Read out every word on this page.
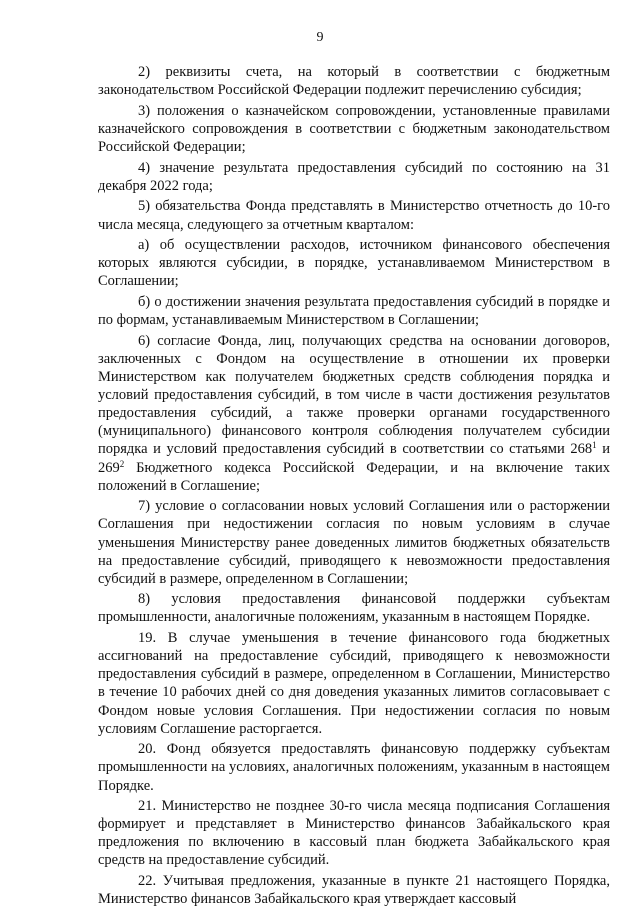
9

2) реквизиты счета, на который в соответствии с бюджетным законодательством Российской Федерации подлежит перечислению субсидия;

3) положения о казначейском сопровождении, установленные правилами казначейского сопровождения в соответствии с бюджетным законодательством Российской Федерации;

4) значение результата предоставления субсидий по состоянию на 31 декабря 2022 года;

5) обязательства Фонда представлять в Министерство отчетность до 10-го числа месяца, следующего за отчетным кварталом:

а) об осуществлении расходов, источником финансового обеспечения которых являются субсидии, в порядке, устанавливаемом Министерством в Соглашении;

б) о достижении значения результата предоставления субсидий в порядке и по формам, устанавливаемым Министерством в Соглашении;

6) согласие Фонда, лиц, получающих средства на основании договоров, заключенных с Фондом на осуществление в отношении их проверки Министерством как получателем бюджетных средств соблюдения порядка и условий предоставления субсидий, в том числе в части достижения результатов предоставления субсидий, а также проверки органами государственного (муниципального) финансового контроля соблюдения получателем субсидии порядка и условий предоставления субсидий в соответствии со статьями $268^1$ и $269^2$ Бюджетного кодекса Российской Федерации, и на включение таких положений в Соглашение;

7) условие о согласовании новых условий Соглашения или о расторжении Соглашения при недостижении согласия по новым условиям в случае уменьшения Министерству ранее доведенных лимитов бюджетных обязательств на предоставление субсидий, приводящего к невозможности предоставления субсидий в размере, определенном в Соглашении;

8) условия предоставления финансовой поддержки субъектам промышленности, аналогичные положениям, указанным в настоящем Порядке.

19. В случае уменьшения в течение финансового года бюджетных ассигнований на предоставление субсидий, приводящего к невозможности предоставления субсидий в размере, определенном в Соглашении, Министерство в течение 10 рабочих дней со дня доведения указанных лимитов согласовывает с Фондом новые условия Соглашения. При недостижении согласия по новым условиям Соглашение расторгается.

20. Фонд обязуется предоставлять финансовую поддержку субъектам промышленности на условиях, аналогичных положениям, указанным в настоящем Порядке.

21. Министерство не позднее 30-го числа месяца подписания Соглашения формирует и представляет в Министерство финансов Забайкальского края предложения по включению в кассовый план бюджета Забайкальского края средств на предоставление субсидий.

22. Учитывая предложения, указанные в пункте 21 настоящего Порядка, Министерство финансов Забайкальского края утверждает кассовый
